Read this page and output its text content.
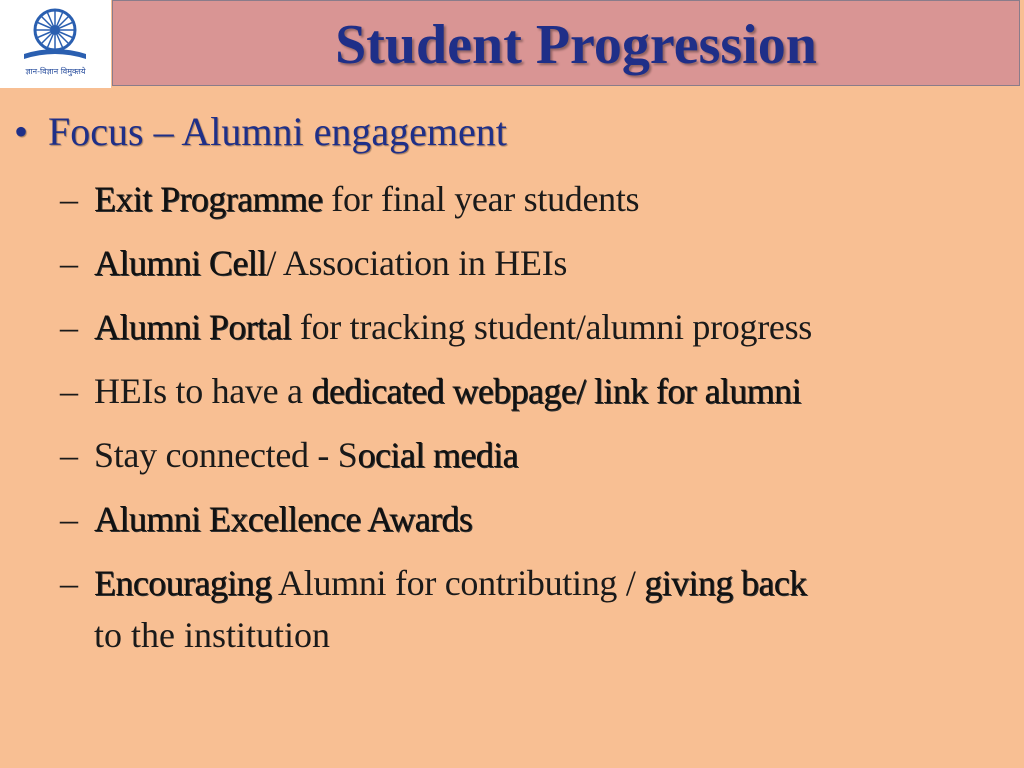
ज्ञान-विज्ञान विमुक्तये	Student Progression
• Focus – Alumni engagement
– Exit Programme for final year students
– Alumni Cell/ Association in HEIs
– Alumni Portal for tracking student/alumni progress
– HEIs to have a dedicated webpage/ link for alumni
– Stay connected - Social media
– Alumni Excellence Awards
– Encouraging Alumni for contributing / giving back
to the institution
